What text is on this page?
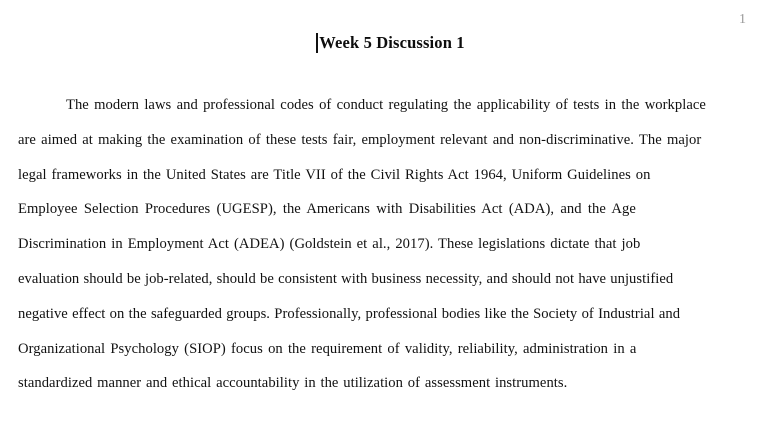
1
Week 5 Discussion 1
The modern laws and professional codes of conduct regulating the applicability of tests in the workplace
are aimed at making the examination of these tests fair, employment relevant and non-discriminative. The major
legal frameworks in the United States are Title VII of the Civil Rights Act 1964, Uniform Guidelines on
Employee Selection Procedures (UGESP), the Americans with Disabilities Act (ADA), and the Age
Discrimination in Employment Act (ADEA) (Goldstein et al., 2017). These legislations dictate that job
evaluation should be job-related, should be consistent with business necessity, and should not have unjustified
negative effect on the safeguarded groups. Professionally, professional bodies like the Society of Industrial and
Organizational Psychology (SIOP) focus on the requirement of validity, reliability, administration in a
standardized manner and ethical accountability in the utilization of assessment instruments.
